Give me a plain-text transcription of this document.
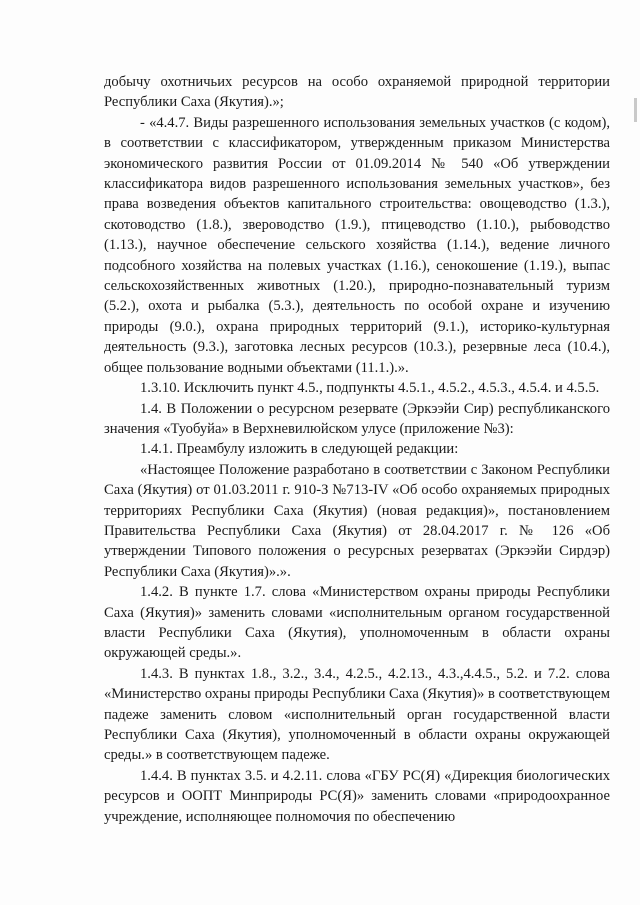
добычу охотничьих ресурсов на особо охраняемой природной территории Республики Саха (Якутия).»;

- «4.4.7. Виды разрешенного использования земельных участков (с кодом), в соответствии с классификатором, утвержденным приказом Министерства экономического развития России от 01.09.2014 № 540 «Об утверждении классификатора видов разрешенного использования земельных участков», без права возведения объектов капитального строительства: овощеводство (1.3.), скотоводство (1.8.), звероводство (1.9.), птицеводство (1.10.), рыбоводство (1.13.), научное обеспечение сельского хозяйства (1.14.), ведение личного подсобного хозяйства на полевых участках (1.16.), сенокошение (1.19.), выпас сельскохозяйственных животных (1.20.), природно-познавательный туризм (5.2.), охота и рыбалка (5.3.), деятельность по особой охране и изучению природы (9.0.), охрана природных территорий (9.1.), историко-культурная деятельность (9.3.), заготовка лесных ресурсов (10.3.), резервные леса (10.4.), общее пользование водными объектами (11.1.).».

1.3.10. Исключить пункт 4.5., подпункты 4.5.1., 4.5.2., 4.5.3., 4.5.4. и 4.5.5.

1.4. В Положении о ресурсном резервате (Эркээйи Сир) республиканского значения «Туобуйа» в Верхневилюйском улусе (приложение №3):

1.4.1. Преамбулу изложить в следующей редакции:

«Настоящее Положение разработано в соответствии с Законом Республики Саха (Якутия) от 01.03.2011 г. 910-З №713-IV «Об особо охраняемых природных территориях Республики Саха (Якутия) (новая редакция)», постановлением Правительства Республики Саха (Якутия) от 28.04.2017 г. № 126 «Об утверждении Типового положения о ресурсных резерватах (Эркээйи Сирдэр) Республики Саха (Якутия)».».

1.4.2. В пункте 1.7. слова «Министерством охраны природы Республики Саха (Якутия)» заменить словами «исполнительным органом государственной власти Республики Саха (Якутия), уполномоченным в области охраны окружающей среды.».

1.4.3. В пунктах 1.8., 3.2., 3.4., 4.2.5., 4.2.13., 4.3.,4.4.5., 5.2. и 7.2. слова «Министерство охраны природы Республики Саха (Якутия)» в соответствующем падеже заменить словом «исполнительный орган государственной власти Республики Саха (Якутия), уполномоченный в области охраны окружающей среды.» в соответствующем падеже.

1.4.4. В пунктах 3.5. и 4.2.11. слова «ГБУ РС(Я) «Дирекция биологических ресурсов и ООПТ Минприроды РС(Я)» заменить словами «природоохранное учреждение, исполняющее полномочия по обеспечению
